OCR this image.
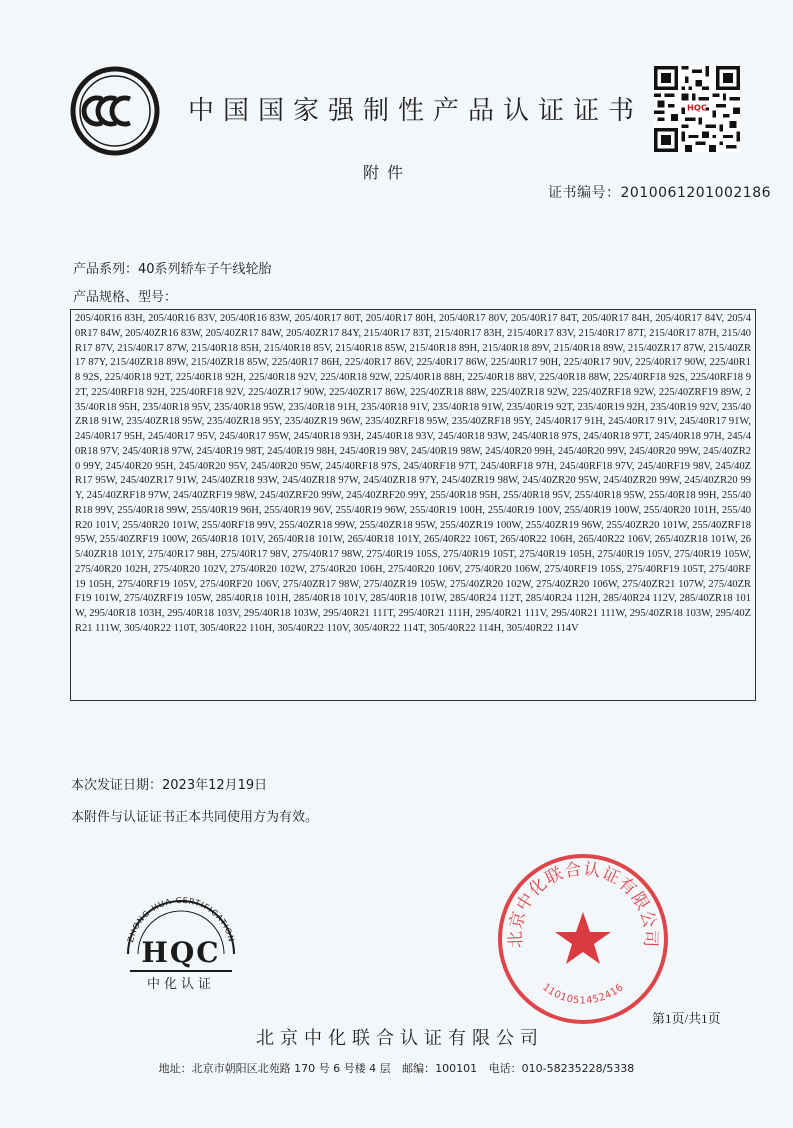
中国国家强制性产品认证证书	HQC
附件
证书编号：2010061201002186
产品系列：40系列轿车子午线轮胎
产品规格、型号：
205/40R16 83H, 205/40R16 83V, 205/40R16 83W, 205/40R17 80T, 205/40R17 80H, 205/40R17 80V, 205/40R17 84T, 205/40R17 84H, 205/40R17 84V, 205/40R17 84W, 205/40ZR16 83W, 205/40ZR17 84W, 205/40ZR17 84Y, 215/40R17 83T, 215/40R17 83H, 215/40R17 83V, 215/40R17 87T, 215/40R17 87H, 215/40R17 87V, 215/40R17 87W, 215/40R18 85H, 215/40R18 85V, 215/40R18 85W, 215/40R18 89H, 215/40R18 89V, 215/40R18 89W, 215/40ZR17 87W, 215/40ZR17 87Y, 215/40ZR18 89W, 215/40ZR18 85W, 225/40R17 86H, 225/40R17 86V, 225/40R17 86W, 225/40R17 90H, 225/40R17 90V, 225/40R17 90W, 225/40R18 92S, 225/40R18 92T, 225/40R18 92H, 225/40R18 92V, 225/40R18 92W, 225/40R18 88H, 225/40R18 88V, 225/40R18 88W, 225/40RF18 92S, 225/40RF18 92T, 225/40RF18 92H, 225/40RF18 92V, 225/40ZR17 90W, 225/40ZR17 86W, 225/40ZR18 88W, 225/40ZR18 92W, 225/40ZRF18 92W, 225/40ZRF19 89W, 235/40R18 95H, 235/40R18 95V, 235/40R18 95W, 235/40R18 91H, 235/40R18 91V, 235/40R18 91W, 235/40R19 92T, 235/40R19 92H, 235/40R19 92V, 235/40ZR18 91W, 235/40ZR18 95W, 235/40ZR18 95Y, 235/40ZR19 96W, 235/40ZRF18 95W, 235/40ZRF18 95Y, 245/40R17 91H, 245/40R17 91V, 245/40R17 91W, 245/40R17 95H, 245/40R17 95V, 245/40R17 95W, 245/40R18 93H, 245/40R18 93V, 245/40R18 93W, 245/40R18 97S, 245/40R18 97T, 245/40R18 97H, 245/40R18 97V, 245/40R18 97W, 245/40R19 98T, 245/40R19 98H, 245/40R19 98V, 245/40R19 98W, 245/40R20 99H, 245/40R20 99V, 245/40R20 99W, 245/40ZR20 99Y, 245/40R20 95H, 245/40R20 95V, 245/40R20 95W, 245/40RF18 97S, 245/40RF18 97T, 245/40RF18 97H, 245/40RF18 97V, 245/40RF19 98V, 245/40ZR17 95W, 245/40ZR17 91W, 245/40ZR18 93W, 245/40ZR18 97W, 245/40ZR18 97Y, 245/40ZR19 98W, 245/40ZR20 95W, 245/40ZR20 99W, 245/40ZR20 99Y, 245/40ZRF18 97W, 245/40ZRF19 98W, 245/40ZRF20 99W, 245/40ZRF20 99Y, 255/40R18 95H, 255/40R18 95V, 255/40R18 95W, 255/40R18 99H, 255/40R18 99V, 255/40R18 99W, 255/40R19 96H, 255/40R19 96V, 255/40R19 96W, 255/40R19 100H, 255/40R19 100V, 255/40R19 100W, 255/40R20 101H, 255/40R20 101V, 255/40R20 101W, 255/40RF18 99V, 255/40ZR18 99W, 255/40ZR18 95W, 255/40ZR19 100W, 255/40ZR19 96W, 255/40ZR20 101W, 255/40ZRF18 95W, 255/40ZRF19 100W, 265/40R18 101V, 265/40R18 101W, 265/40R18 101Y, 265/40R22 106T, 265/40R22 106H, 265/40R22 106V, 265/40ZR18 101W, 265/40ZR18 101Y, 275/40R17 98H, 275/40R17 98V, 275/40R17 98W, 275/40R19 105S, 275/40R19 105T, 275/40R19 105H, 275/40R19 105V, 275/40R19 105W, 275/40R20 102H, 275/40R20 102V, 275/40R20 102W, 275/40R20 106H, 275/40R20 106V, 275/40R20 106W, 275/40RF19 105S, 275/40RF19 105T, 275/40RF19 105H, 275/40RF19 105V, 275/40RF20 106V, 275/40ZR17 98W, 275/40ZR19 105W, 275/40ZR20 102W, 275/40ZR20 106W, 275/40ZR21 107W, 275/40ZRF19 101W, 275/40ZRF19 105W, 285/40R18 101H, 285/40R18 101V, 285/40R18 101W, 285/40R24 112T, 285/40R24 112H, 285/40R24 112V, 285/40ZR18 101W, 295/40R18 103H, 295/40R18 103V, 295/40R18 103W, 295/40R21 111T, 295/40R21 111H, 295/40R21 111V, 295/40R21 111W, 295/40ZR18 103W, 295/40ZR21 111W, 305/40R22 110T, 305/40R22 110H, 305/40R22 110V, 305/40R22 114T, 305/40R22 114H, 305/40R22 114V
本次发证日期：2023年12月19日
本附件与认证证书正本共同使用方为有效。
ZHONG HUA CERTIFICATION
HQC
中化认证
北京中化联合认证有限公司
1101051452416
第1页/共1页
北京中化联合认证有限公司
地址：北京市朝阳区北苑路 170 号 6 号楼 4 层 邮编：100101 电话：010-58235228/5338
